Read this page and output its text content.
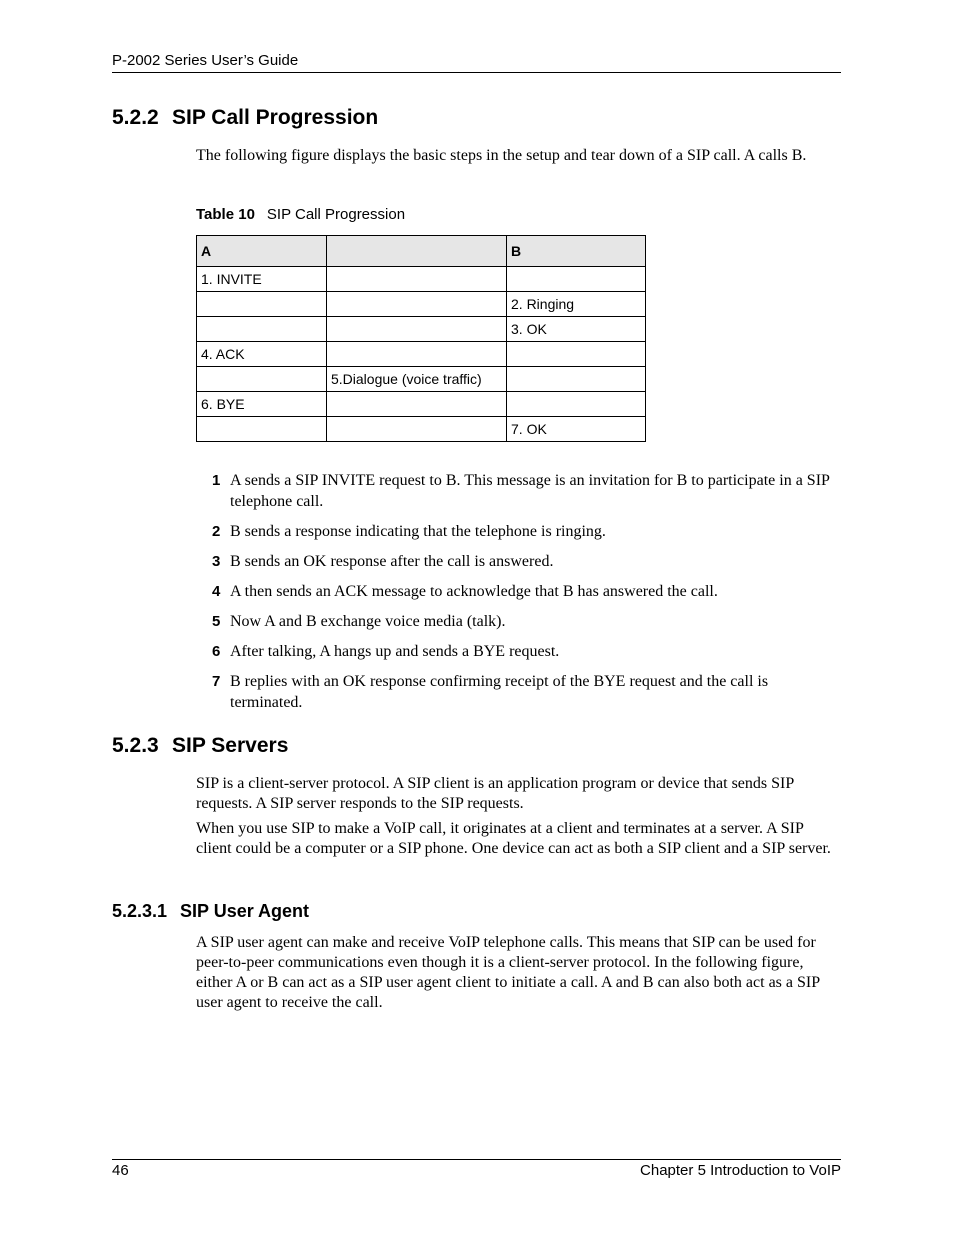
P-2002 Series User’s Guide
5.2.2 SIP Call Progression
The following figure displays the basic steps in the setup and tear down of a SIP call. A calls B.
Table 10 SIP Call Progression
A		B
1. INVITE		
		2. Ringing
		3. OK
4. ACK		
	5.Dialogue (voice traffic)	
6. BYE		
		7. OK
1 A sends a SIP INVITE request to B. This message is an invitation for B to participate in a SIP telephone call.
2 B sends a response indicating that the telephone is ringing.
3 B sends an OK response after the call is answered.
4 A then sends an ACK message to acknowledge that B has answered the call.
5 Now A and B exchange voice media (talk).
6 After talking, A hangs up and sends a BYE request.
7 B replies with an OK response confirming receipt of the BYE request and the call is terminated.
5.2.3 SIP Servers
SIP is a client-server protocol. A SIP client is an application program or device that sends SIP requests. A SIP server responds to the SIP requests.
When you use SIP to make a VoIP call, it originates at a client and terminates at a server. A SIP client could be a computer or a SIP phone. One device can act as both a SIP client and a SIP server.
5.2.3.1 SIP User Agent
A SIP user agent can make and receive VoIP telephone calls. This means that SIP can be used for peer-to-peer communications even though it is a client-server protocol. In the following figure, either A or B can act as a SIP user agent client to initiate a call. A and B can also both act as a SIP user agent to receive the call.
46	Chapter 5 Introduction to VoIP
